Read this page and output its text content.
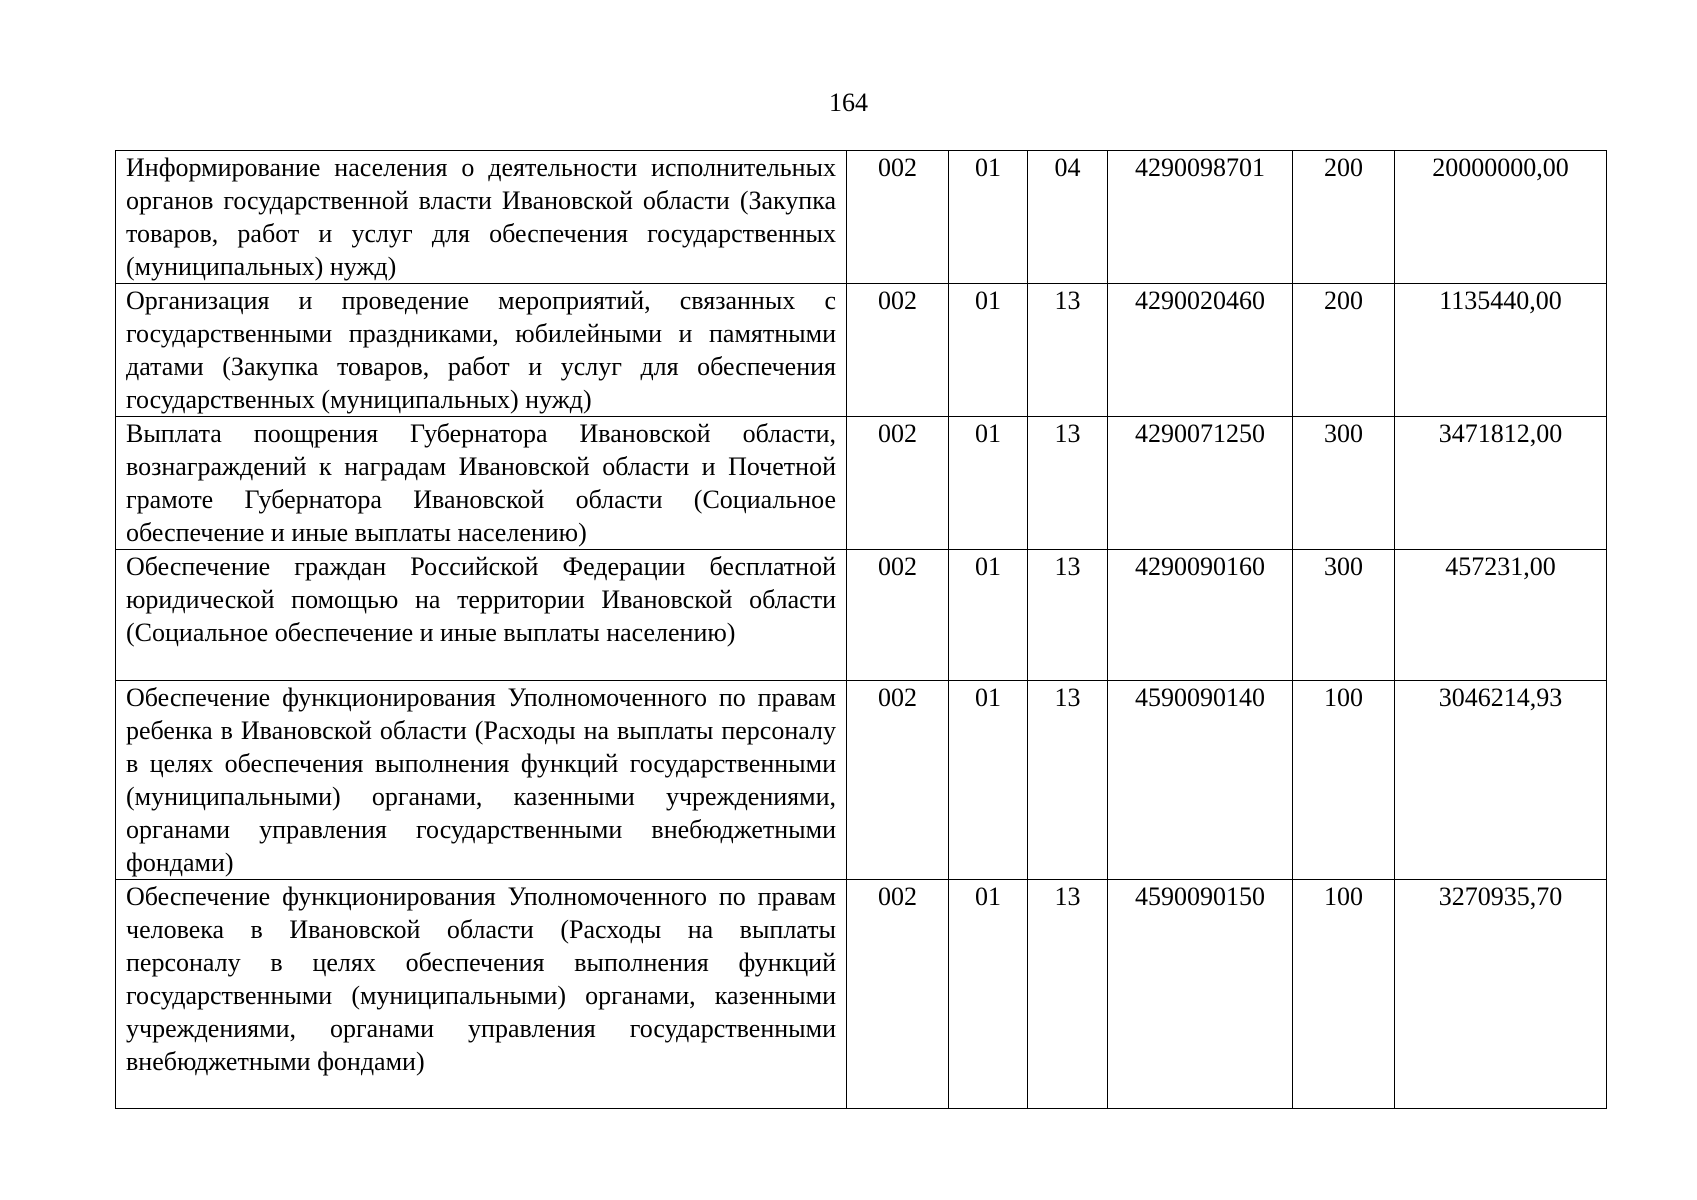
164
Информирование населения о деятельности исполнительных органов государственной власти Ивановской области (Закупка товаров, работ и услуг для обеспечения государственных (муниципальных) нужд)	002	01	04	4290098701	200	20000000,00
Организация и проведение мероприятий, связанных с государственными праздниками, юбилейными и памятными датами (Закупка товаров, работ и услуг для обеспечения государственных (муниципальных) нужд)	002	01	13	4290020460	200	1135440,00
Выплата поощрения Губернатора Ивановской области, вознаграждений к наградам Ивановской области и Почетной грамоте Губернатора Ивановской области (Социальное обеспечение и иные выплаты населению)	002	01	13	4290071250	300	3471812,00
Обеспечение граждан Российской Федерации бесплатной юридической помощью на территории Ивановской области (Социальное обеспечение и иные выплаты населению)	002	01	13	4290090160	300	457231,00
Обеспечение функционирования Уполномоченного по правам ребенка в Ивановской области (Расходы на выплаты персоналу в целях обеспечения выполнения функций государственными (муниципальными) органами, казенными учреждениями, органами управления государственными внебюджетными фондами)	002	01	13	4590090140	100	3046214,93
Обеспечение функционирования Уполномоченного по правам человека в Ивановской области (Расходы на выплаты персоналу в целях обеспечения выполнения функций государственными (муниципальными) органами, казенными учреждениями, органами управления государственными внебюджетными фондами)	002	01	13	4590090150	100	3270935,70
